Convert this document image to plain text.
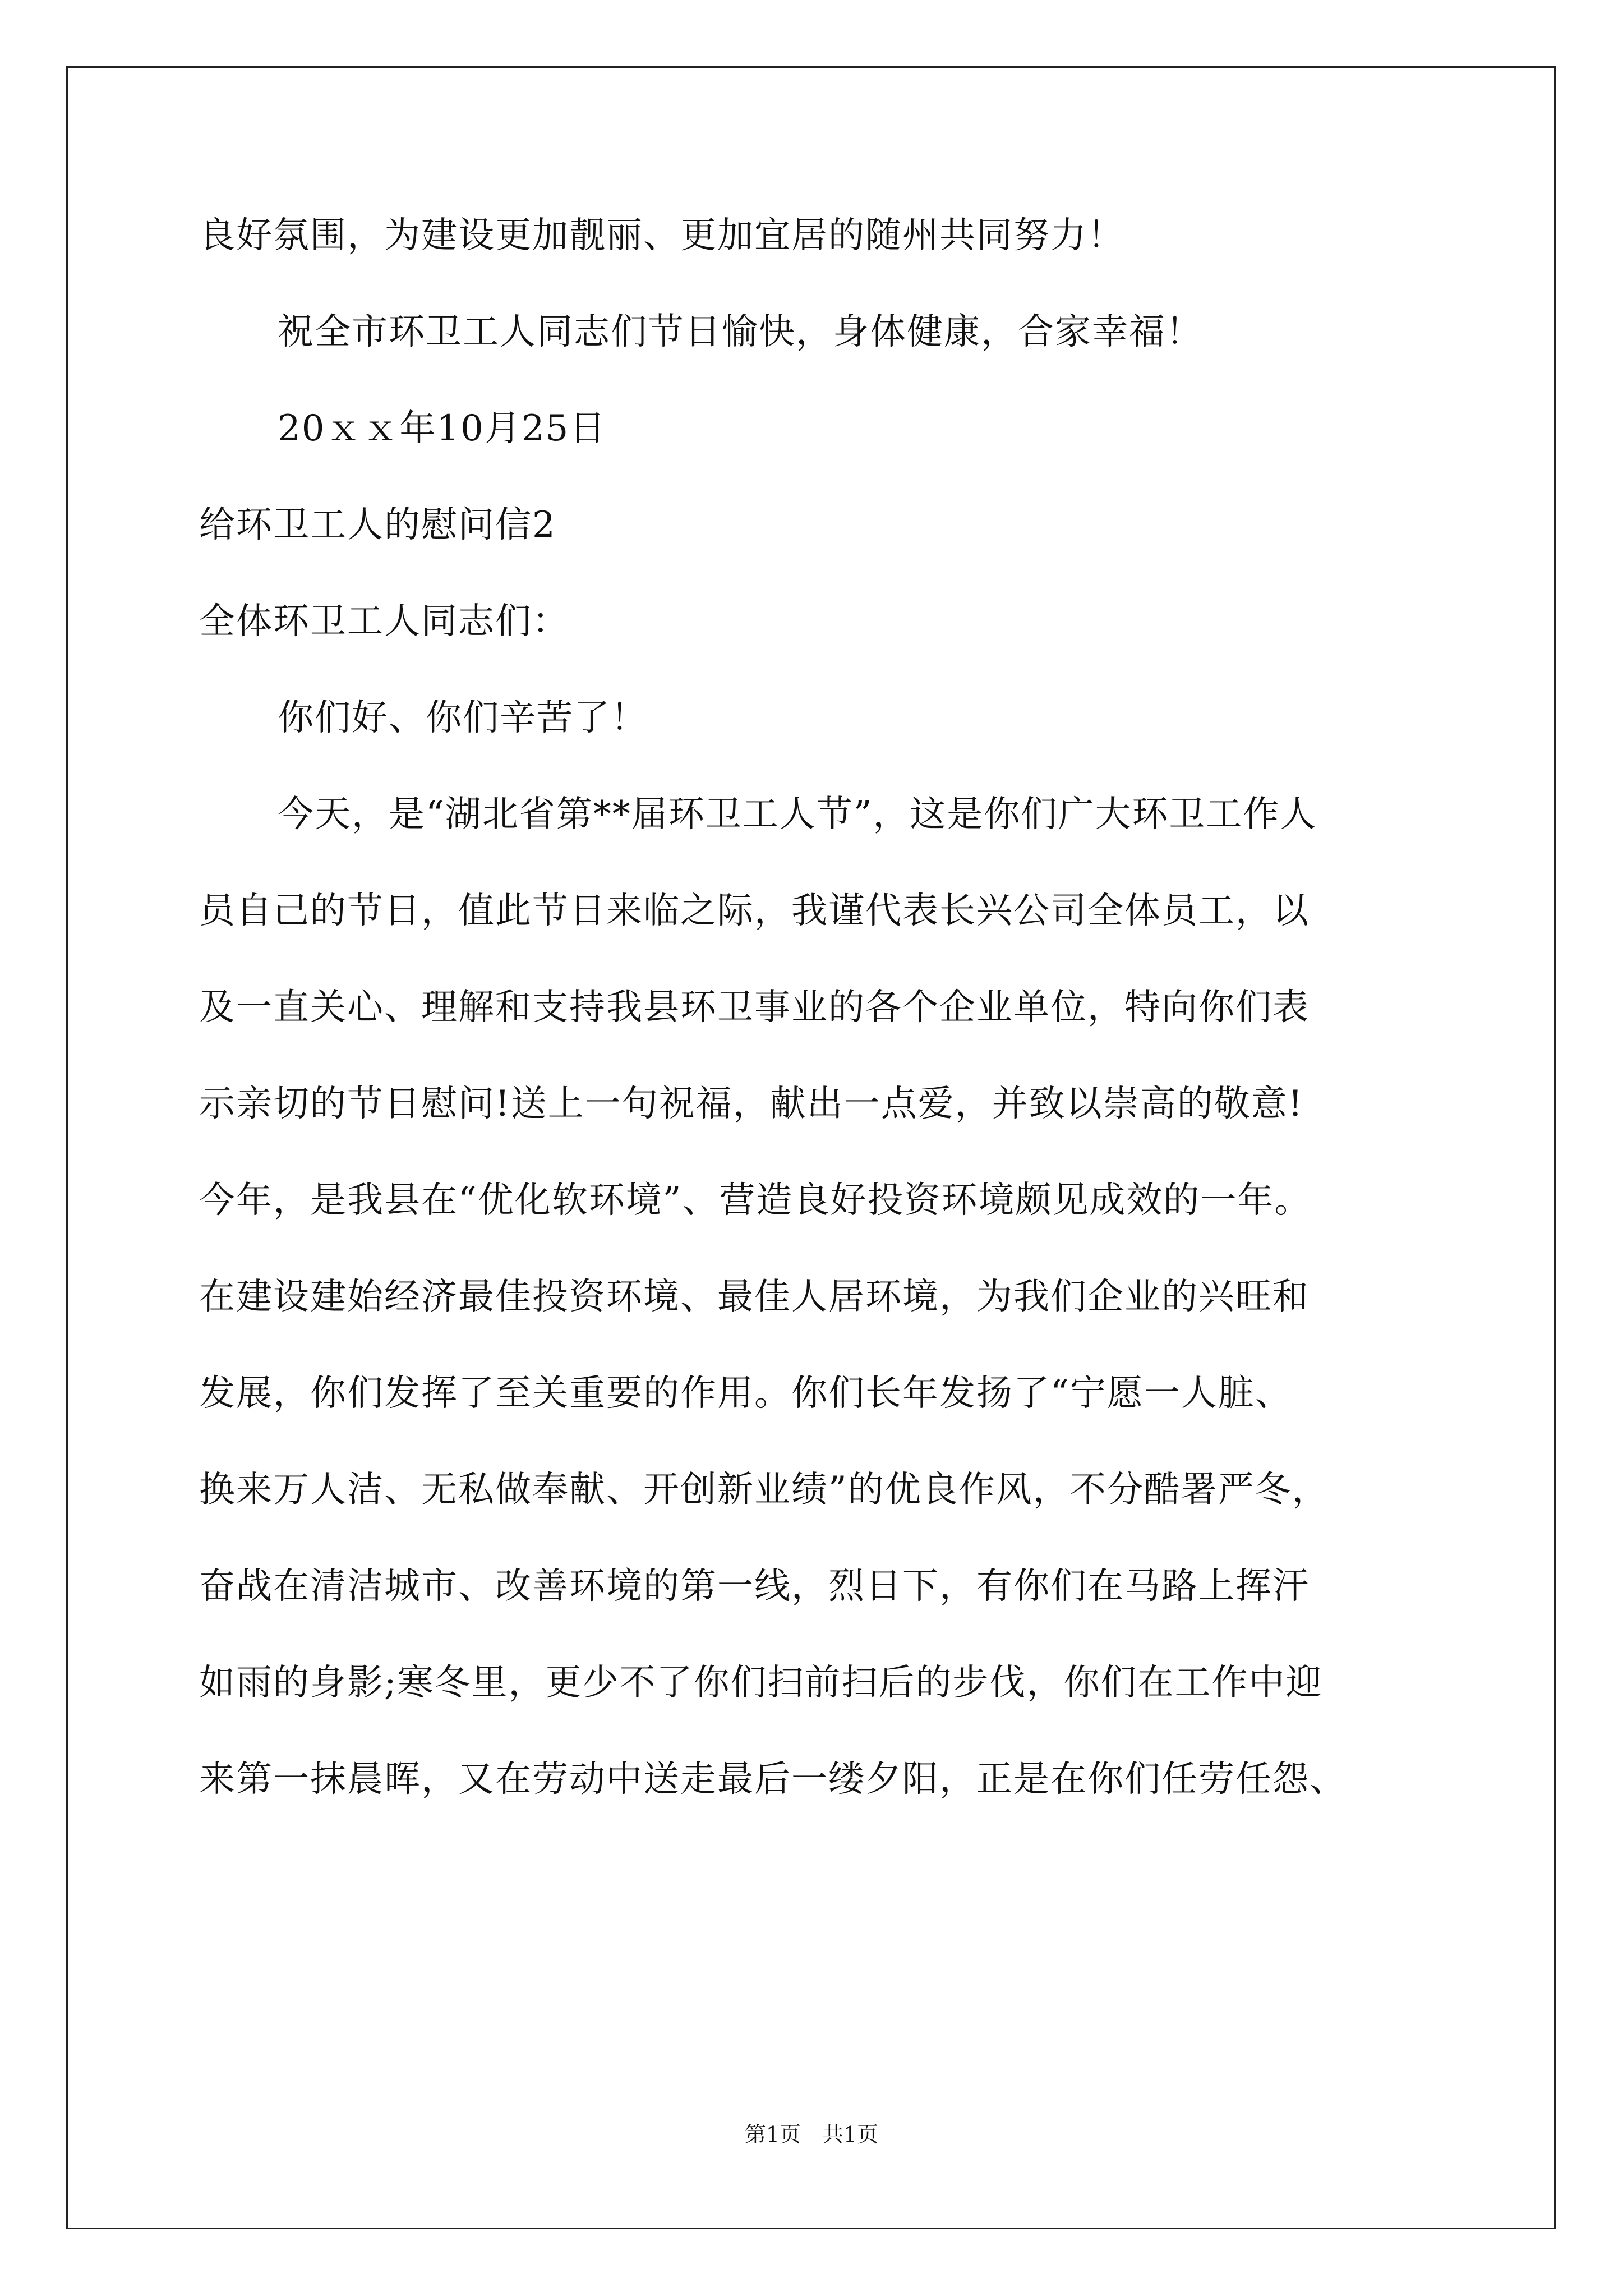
良好氛围，为建设更加靓丽、更加宜居的随州共同努力！
祝全市环卫工人同志们节日愉快，身体健康，合家幸福！
20ｘｘ年10月25日
给环卫工人的慰问信2
全体环卫工人同志们：
你们好、你们辛苦了！
今天，是“湖北省第**届环卫工人节”，这是你们广大环卫工作人
员自己的节日，值此节日来临之际，我谨代表长兴公司全体员工，以
及一直关心、理解和支持我县环卫事业的各个企业单位，特向你们表
示亲切的节日慰问!送上一句祝福，献出一点爱，并致以崇高的敬意!
今年，是我县在“优化软环境”、营造良好投资环境颇见成效的一年。
在建设建始经济最佳投资环境、最佳人居环境，为我们企业的兴旺和
发展，你们发挥了至关重要的作用。你们长年发扬了“宁愿一人脏、
换来万人洁、无私做奉献、开创新业绩”的优良作风，不分酷署严冬，
奋战在清洁城市、改善环境的第一线，烈日下，有你们在马路上挥汗
如雨的身影;寒冬里，更少不了你们扫前扫后的步伐，你们在工作中迎
来第一抹晨晖，又在劳动中送走最后一缕夕阳，正是在你们任劳任怨、
第1页　共1页
